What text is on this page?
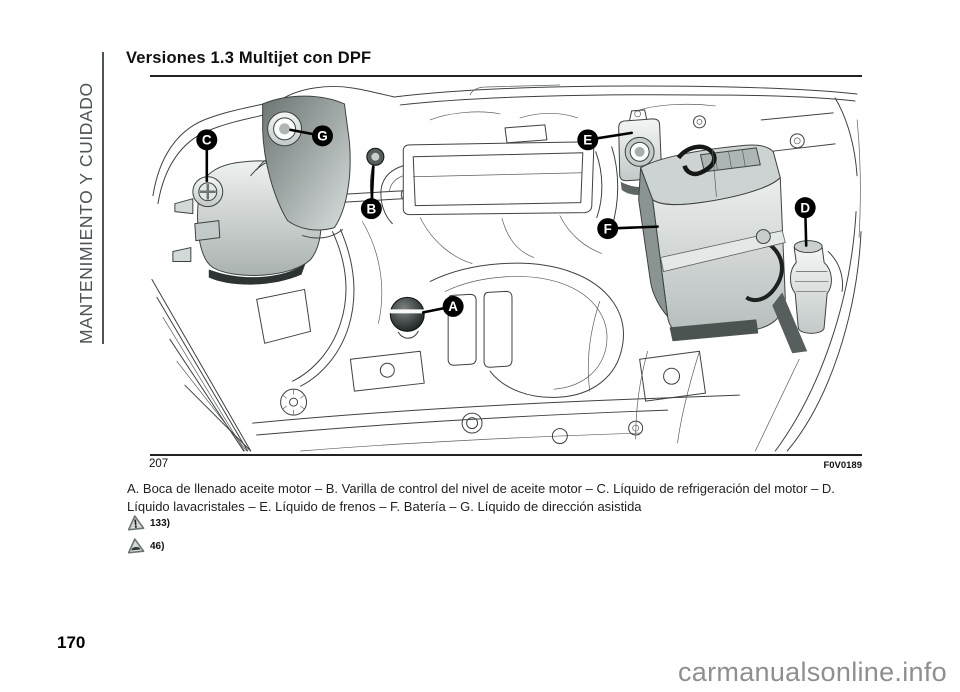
MANTENIMIENTO Y CUIDADO
Versiones 1.3 Multijet con DPF
A
B
C
D
E
F
G
207	F0V0189
A. Boca de llenado aceite motor – B. Varilla de control del nivel de aceite motor – C. Líquido de refrigeración del motor – D. Líquido lavacristales – E. Líquido de frenos – F. Batería – G. Líquido de dirección asistida
133)
46)
170
carmanualsonline.info
